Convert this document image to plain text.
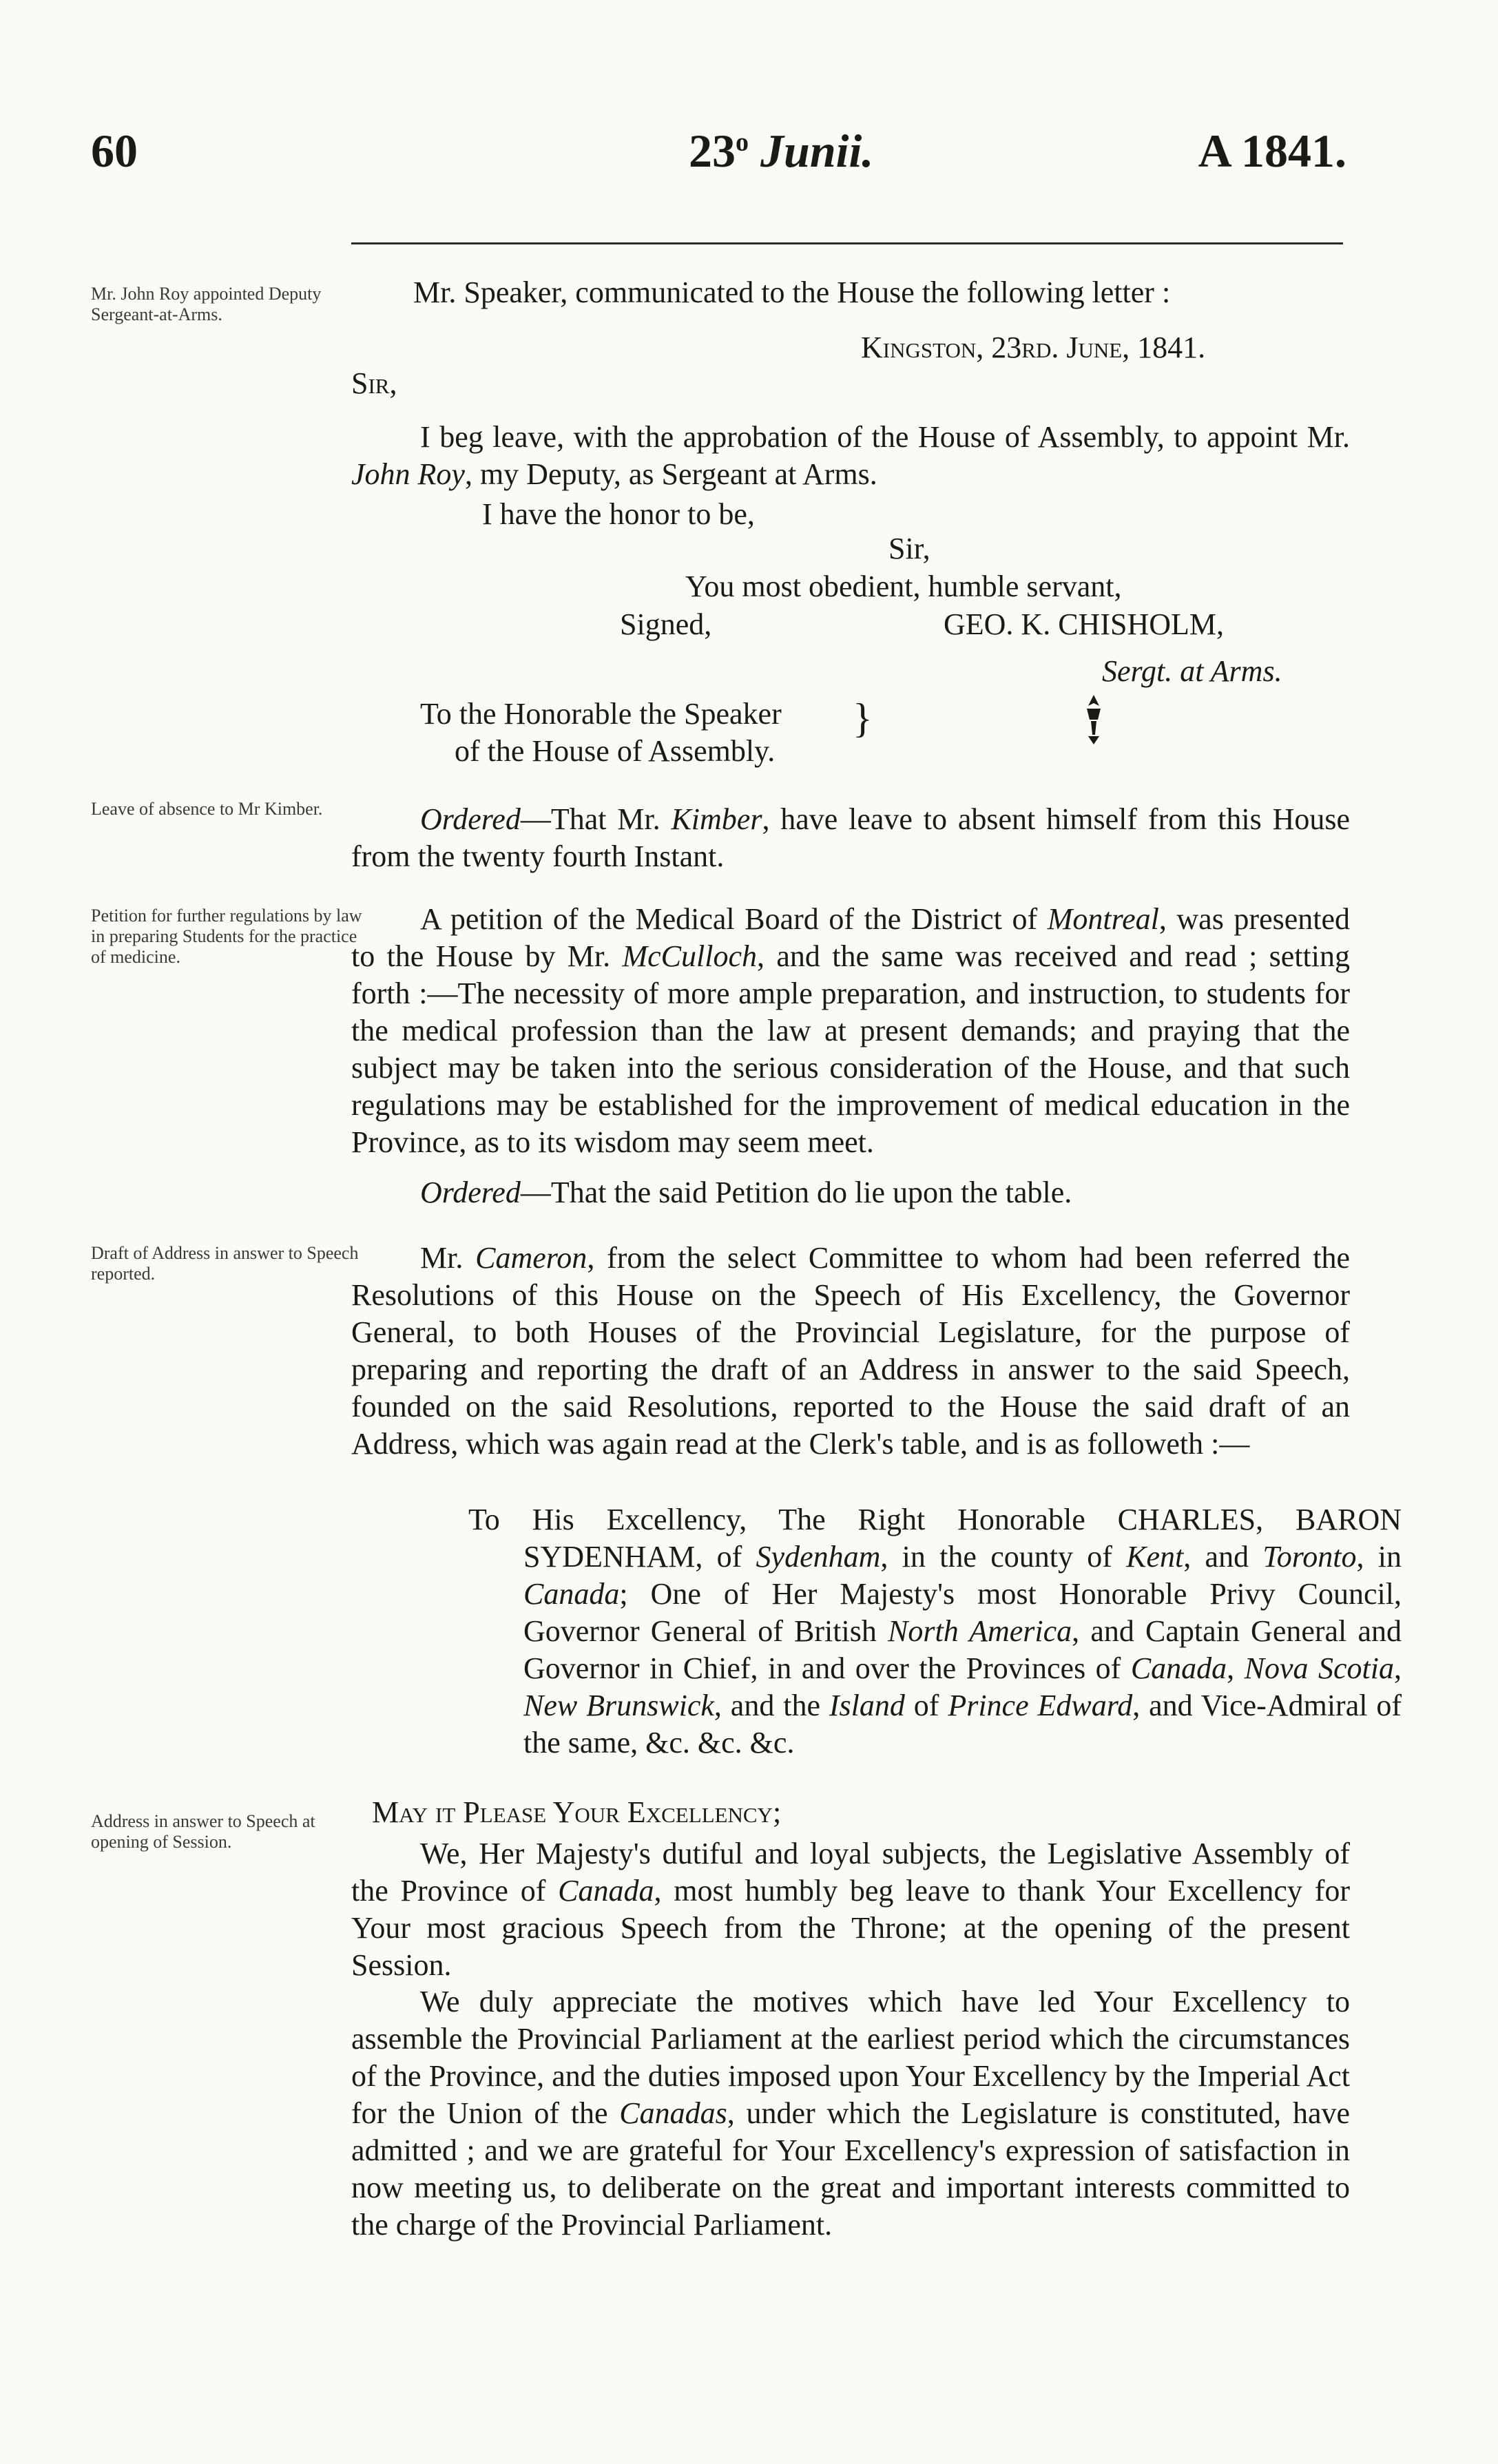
60	23$^o$ Junii.	A 1841.
Mr. John Roy appointed Deputy Sergeant-at-Arms.
Leave of absence to Mr Kimber.
Petition for further regulations by law in preparing Students for the practice of medicine.
Draft of Address in answer to Speech reported.
Address in answer to Speech at opening of Session.
Mr. Speaker, communicated to the House the following letter :
Kingston, 23rd. June, 1841.
Sir,
I beg leave, with the approbation of the House of Assembly, to appoint Mr. John Roy, my Deputy, as Sergeant at Arms.
I have the honor to be,
Sir,
You most obedient, humble servant,
Signed,	GEO. K. CHISHOLM,
Sergt. at Arms.
To the Honorable the Speaker
of the House of Assembly.
}
Ordered—That Mr. Kimber, have leave to absent himself from this House from the twenty fourth Instant.
A petition of the Medical Board of the District of Montreal, was presented to the House by Mr. McCulloch, and the same was received and read ; setting forth :—The necessity of more ample preparation, and instruction, to students for the medical profession than the law at present demands; and praying that the subject may be taken into the serious consideration of the House, and that such regulations may be established for the improvement of medical education in the Province, as to its wisdom may seem meet.
Ordered—That the said Petition do lie upon the table.
Mr. Cameron, from the select Committee to whom had been referred the Resolutions of this House on the Speech of His Excellency, the Governor General, to both Houses of the Provincial Legislature, for the purpose of preparing and reporting the draft of an Address in answer to the said Speech, founded on the said Resolutions, reported to the House the said draft of an Address, which was again read at the Clerk's table, and is as followeth :—
To His Excellency, The Right Honorable CHARLES, BARON SYDENHAM, of Sydenham, in the county of Kent, and Toronto, in Canada; One of Her Majesty's most Honorable Privy Council, Governor General of British North America, and Captain General and Governor in Chief, in and over the Provinces of Canada, Nova Scotia, New Brunswick, and the Island of Prince Edward, and Vice-Admiral of the same, &c. &c. &c.
May it Please Your Excellency;
We, Her Majesty's dutiful and loyal subjects, the Legislative Assembly of the Province of Canada, most humbly beg leave to thank Your Excellency for Your most gracious Speech from the Throne; at the opening of the present Session.
We duly appreciate the motives which have led Your Excellency to assemble the Provincial Parliament at the earliest period which the circumstances of the Province, and the duties imposed upon Your Excellency by the Imperial Act for the Union of the Canadas, under which the Legislature is constituted, have admitted ; and we are grateful for Your Excellency's expression of satisfaction in now meeting us, to deliberate on the great and important interests committed to the charge of the Provincial Parliament.
